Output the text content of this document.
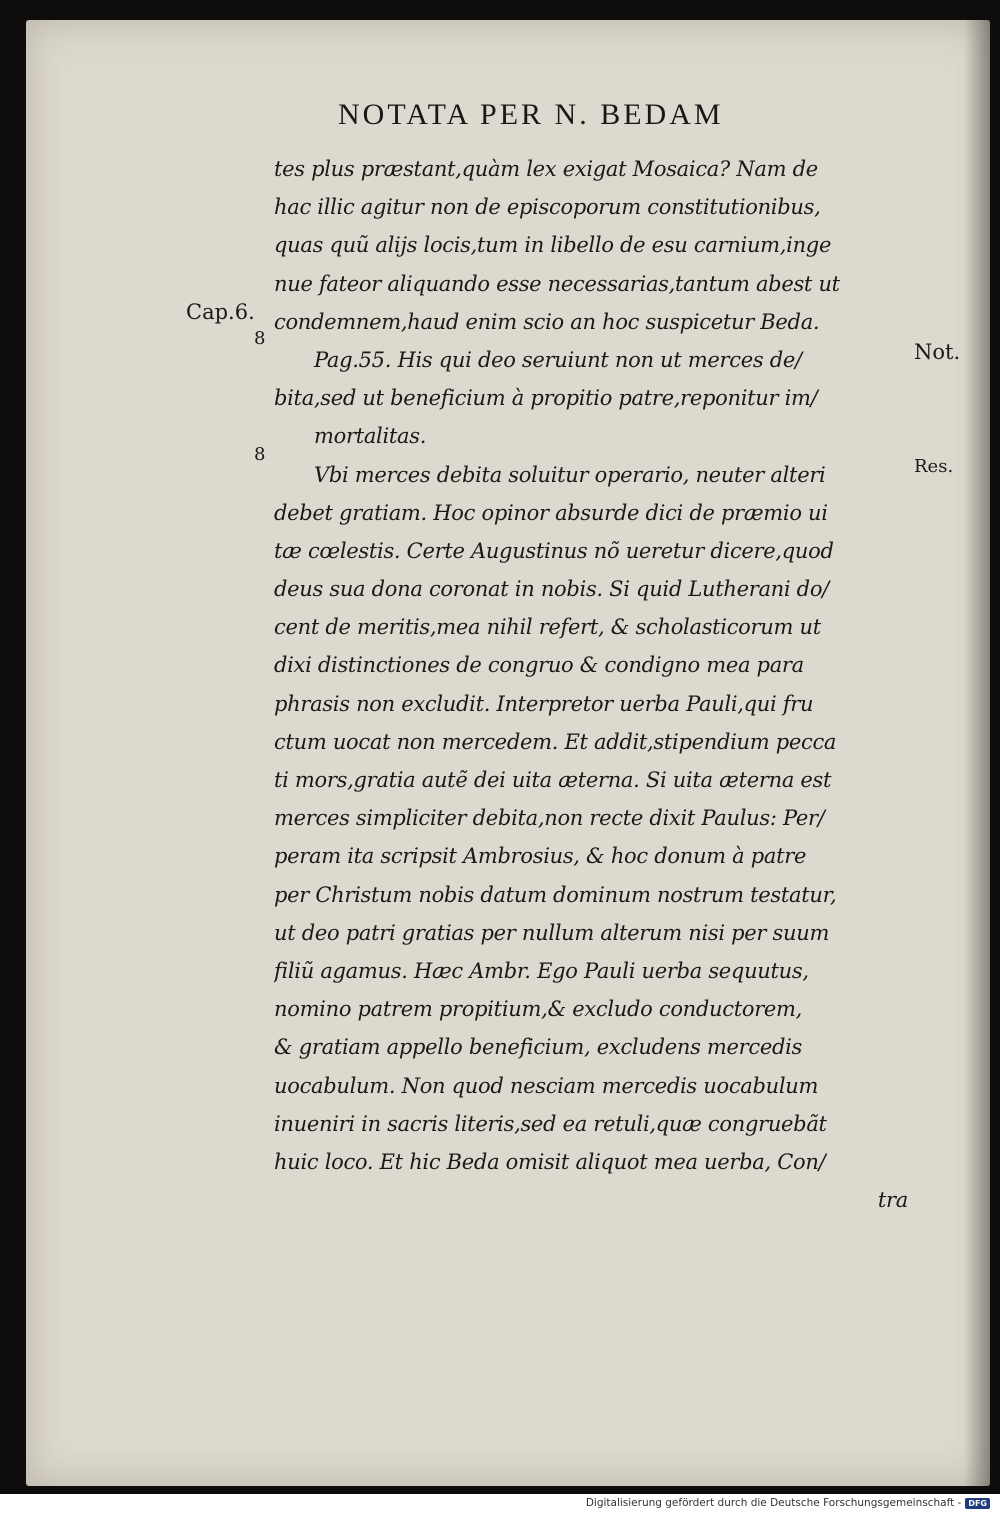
NOTATA PER N. BEDAM
Cap.6.
8
Not.
8
Res.
tes plus præstant,quàm lex exigat Mosaica? Nam de
hac illic agitur non de episcoporum constitutionibus,
quas quũ alijs locis,tum in libello de esu carnium,inge
nue fateor aliquando esse necessarias,tantum abest ut
condemnem,haud enim scio an hoc suspicetur Beda.
Pag.55. His qui deo seruiunt non ut merces de/
bita,sed ut beneficium à propitio patre,reponitur im/
mortalitas.
Vbi merces debita soluitur operario, neuter alteri
debet gratiam. Hoc opinor absurde dici de præmio ui
tæ cœlestis. Certe Augustinus nõ ueretur dicere,quod
deus sua dona coronat in nobis. Si quid Lutherani do/
cent de meritis,mea nihil refert, & scholasticorum ut
dixi distinctiones de congruo & condigno mea para
phrasis non excludit. Interpretor uerba Pauli,qui fru
ctum uocat non mercedem. Et addit,stipendium pecca
ti mors,gratia autẽ dei uita æterna. Si uita æterna est
merces simpliciter debita,non recte dixit Paulus: Per/
peram ita scripsit Ambrosius, & hoc donum à patre
per Christum nobis datum dominum nostrum testatur,
ut deo patri gratias per nullum alterum nisi per suum
filiũ agamus. Hæc Ambr. Ego Pauli uerba sequutus,
nomino patrem propitium,& excludo conductorem,
& gratiam appello beneficium, excludens mercedis
uocabulum. Non quod nesciam mercedis uocabulum
inueniri in sacris literis,sed ea retuli,quæ congruebãt
huic loco. Et hic Beda omisit aliquot mea uerba, Con/
tra
Digitalisierung gefördert durch die Deutsche Forschungsgemeinschaft - DFG
